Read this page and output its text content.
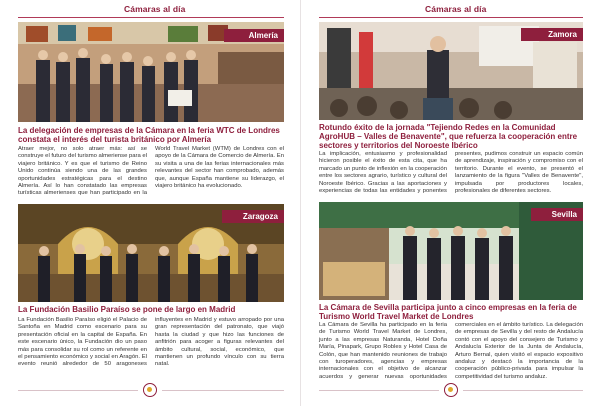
Cámaras al día
Almería
La delegación de empresas de la Cámara en la feria WTC de Londres constata el interés del turista británico por Almería
Atraer mejor, no solo atraer más: así se construye el futuro del turismo almeriense para el viajero británico. Y es que el turismo de Reino Unido continúa siendo una de las grandes oportunidades estratégicas para el destino Almería. Así lo han constatado las empresas turísticas almerienses que han participado en la World Travel Market (WTM) de Londres con el apoyo de la Cámara de Comercio de Almería. En su visita a una de las ferias internacionales más relevantes del sector han comprobado, además que, aunque España mantiene su liderazgo, el viajero británico ha evolucionado.
Zaragoza
La Fundación Basilio Paraíso se pone de largo en Madrid
La Fundación Basilio Paraíso eligió el Palacio de Santoña en Madrid como escenario para su presentación oficial en la capital de España. En este escenario único, la Fundación dio un paso más para consolidar su rol como un referente en el pensamiento económico y social en Aragón. El evento reunió alrededor de 50 aragoneses influyentes en Madrid y estuvo arropado por una gran representación del patronato, que viajó hasta la ciudad y que hizo las funciones de anfitrión para acoger a figuras relevantes del ámbito cultural, social, económico, que mantienen un profundo vínculo con su tierra natal.
Cámaras al día
Zamora
Rotundo éxito de la jornada "Tejiendo Redes en la Comunidad AgroHUB – Valles de Benavente", que refuerza la cooperación entre sectores y territorios del Noroeste Ibérico
La implicación, entusiasmo y profesionalidad hicieron posible el éxito de esta cita, que ha marcado un punto de inflexión en la cooperación entre los sectores agrario, turístico y cultural del Noroeste Ibérico. Gracias a las aportaciones y experiencias de todas las entidades y ponentes presentes, pudimos construir un espacio común de aprendizaje, inspiración y compromiso con el territorio. Durante el evento, se presentó el lanzamiento de la figura "Valles de Benavente", impulsada por productores locales, profesionales de diferentes sectores.
Sevilla
La Cámara de Sevilla participa junto a cinco empresas en la feria de Turismo World Travel Market de Londres
La Cámara de Sevilla ha participado en la feria de Turismo World Travel Market de Londres, junto a las empresas Naturanda, Hotel Doña María, Pinapark, Grupo Robles y Hotel Casa de Colón, que han mantenido reuniones de trabajo con turoperadores, agencias y empresas internacionales con el objetivo de alcanzar acuerdos y generar nuevas oportunidades comerciales en el ámbito turístico. La delegación de empresas de Sevilla y del resto de Andalucía contó con el apoyo del consejero de Turismo y Andalucía Exterior de la Junta de Andalucía, Arturo Bernal, quien visitó el espacio expositivo andaluz y destacó la importancia de la cooperación público-privada para impulsar la competitividad del turismo andaluz.
